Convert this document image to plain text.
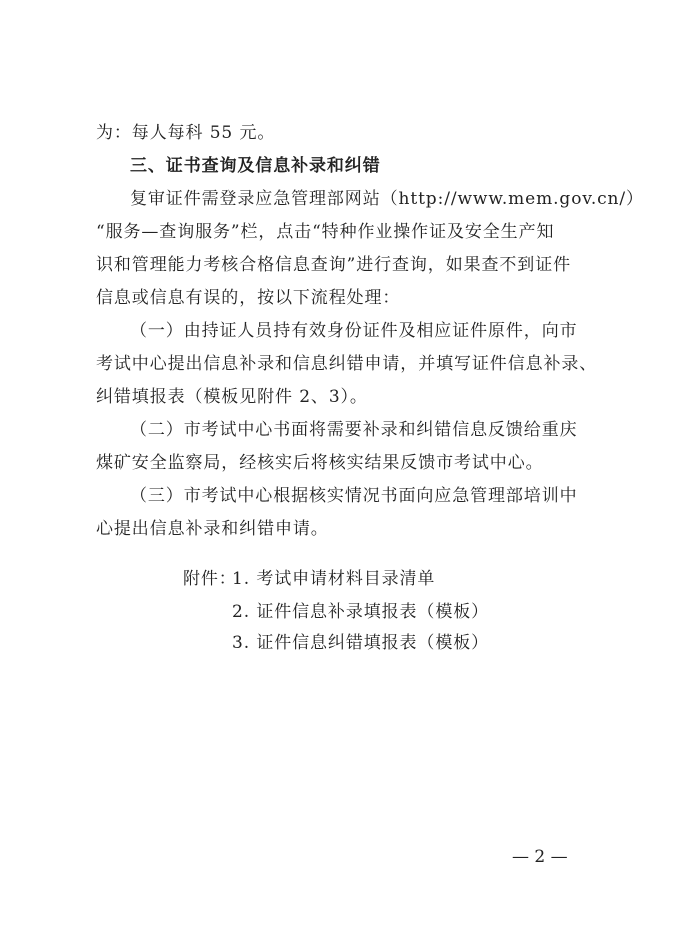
为：每人每科 55 元。
三、证书查询及信息补录和纠错
复审证件需登录应急管理部网站（http://www.mem.gov.cn/）
“服务—查询服务”栏，点击“特种作业操作证及安全生产知
识和管理能力考核合格信息查询”进行查询，如果查不到证件
信息或信息有误的，按以下流程处理：
（一）由持证人员持有效身份证件及相应证件原件，向市
考试中心提出信息补录和信息纠错申请，并填写证件信息补录、
纠错填报表（模板见附件 2、3）。
（二）市考试中心书面将需要补录和纠错信息反馈给重庆
煤矿安全监察局，经核实后将核实结果反馈市考试中心。
（三）市考试中心根据核实情况书面向应急管理部培训中
心提出信息补录和纠错申请。
附件：
1. 考试申请材料目录清单
2. 证件信息补录填报表（模板）
3. 证件信息纠错填报表（模板）
— 2 —
